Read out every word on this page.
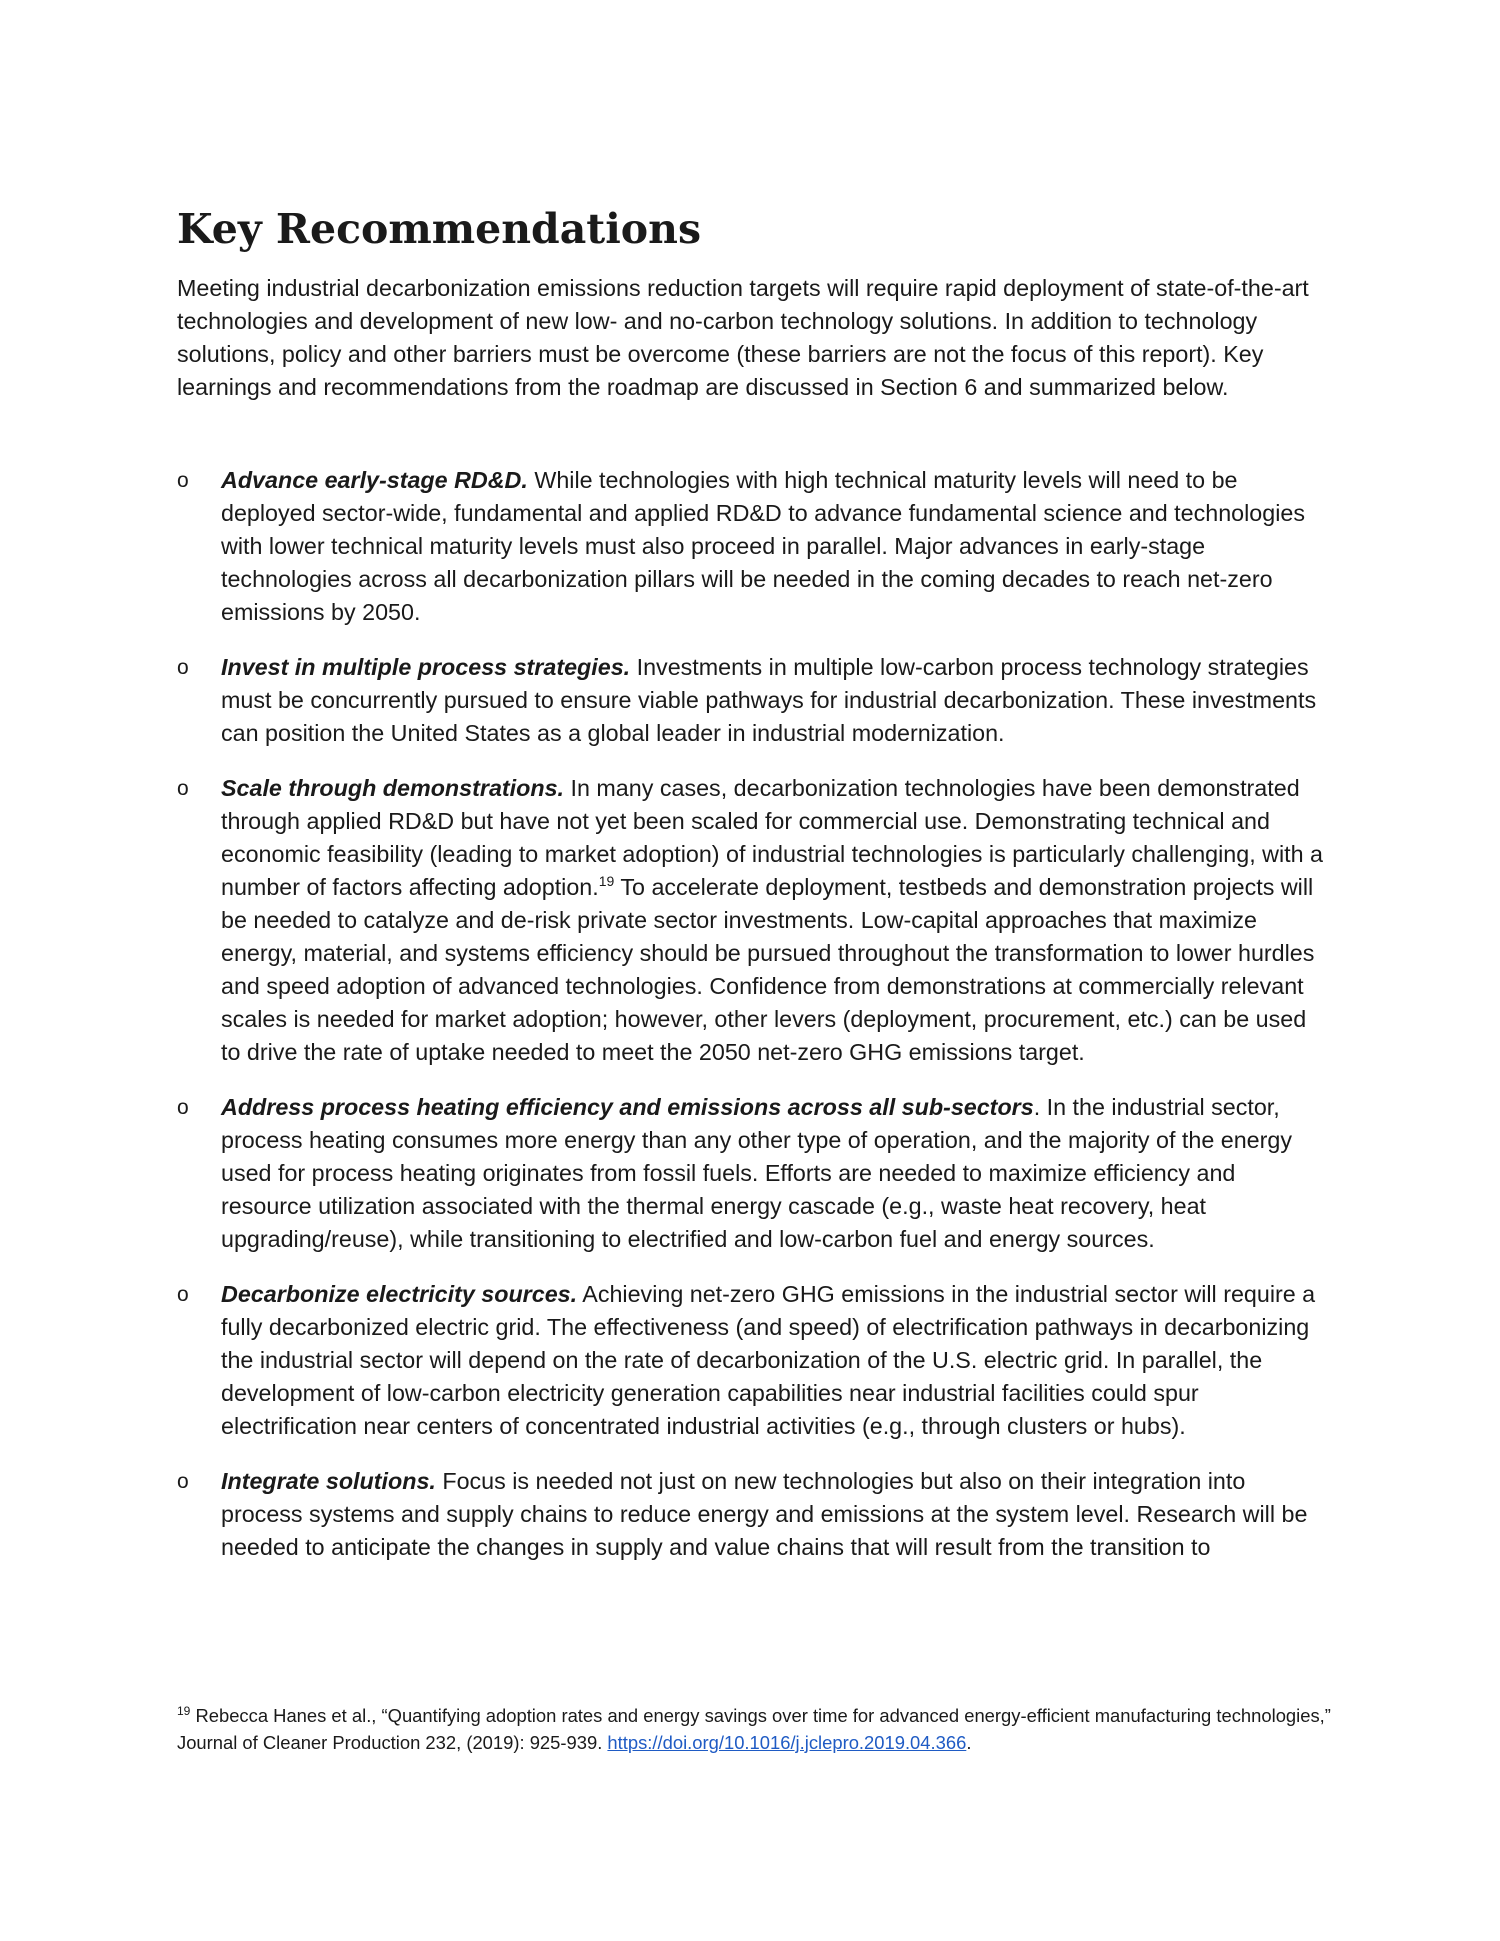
Key Recommendations

Meeting industrial decarbonization emissions reduction targets will require rapid deployment of state-of-the-art technologies and development of new low- and no-carbon technology solutions. In addition to technology solutions, policy and other barriers must be overcome (these barriers are not the focus of this report). Key learnings and recommendations from the roadmap are discussed in Section 6 and summarized below.

o	Advance early-stage RD&D. While technologies with high technical maturity levels will need to be deployed sector-wide, fundamental and applied RD&D to advance fundamental science and technologies with lower technical maturity levels must also proceed in parallel. Major advances in early-stage technologies across all decarbonization pillars will be needed in the coming decades to reach net-zero emissions by 2050.
o	Invest in multiple process strategies. Investments in multiple low-carbon process technology strategies must be concurrently pursued to ensure viable pathways for industrial decarbonization. These investments can position the United States as a global leader in industrial modernization.
o	Scale through demonstrations. In many cases, decarbonization technologies have been demonstrated through applied RD&D but have not yet been scaled for commercial use. Demonstrating technical and economic feasibility (leading to market adoption) of industrial technologies is particularly challenging, with a number of factors affecting adoption.$^{19}$ To accelerate deployment, testbeds and demonstration projects will be needed to catalyze and de-risk private sector investments. Low-capital approaches that maximize energy, material, and systems efficiency should be pursued throughout the transformation to lower hurdles and speed adoption of advanced technologies. Confidence from demonstrations at commercially relevant scales is needed for market adoption; however, other levers (deployment, procurement, etc.) can be used to drive the rate of uptake needed to meet the 2050 net-zero GHG emissions target.
o	Address process heating efficiency and emissions across all sub-sectors. In the industrial sector, process heating consumes more energy than any other type of operation, and the majority of the energy used for process heating originates from fossil fuels. Efforts are needed to maximize efficiency and resource utilization associated with the thermal energy cascade (e.g., waste heat recovery, heat upgrading/reuse), while transitioning to electrified and low-carbon fuel and energy sources.
o	Decarbonize electricity sources. Achieving net-zero GHG emissions in the industrial sector will require a fully decarbonized electric grid. The effectiveness (and speed) of electrification pathways in decarbonizing the industrial sector will depend on the rate of decarbonization of the U.S. electric grid. In parallel, the development of low-carbon electricity generation capabilities near industrial facilities could spur electrification near centers of concentrated industrial activities (e.g., through clusters or hubs).
o	Integrate solutions. Focus is needed not just on new technologies but also on their integration into process systems and supply chains to reduce energy and emissions at the system level. Research will be needed to anticipate the changes in supply and value chains that will result from the transition to

$^{19}$ Rebecca Hanes et al., “Quantifying adoption rates and energy savings over time for advanced energy-efficient manufacturing technologies,” Journal of Cleaner Production 232, (2019): 925-939. https://doi.org/10.1016/j.jclepro.2019.04.366.
